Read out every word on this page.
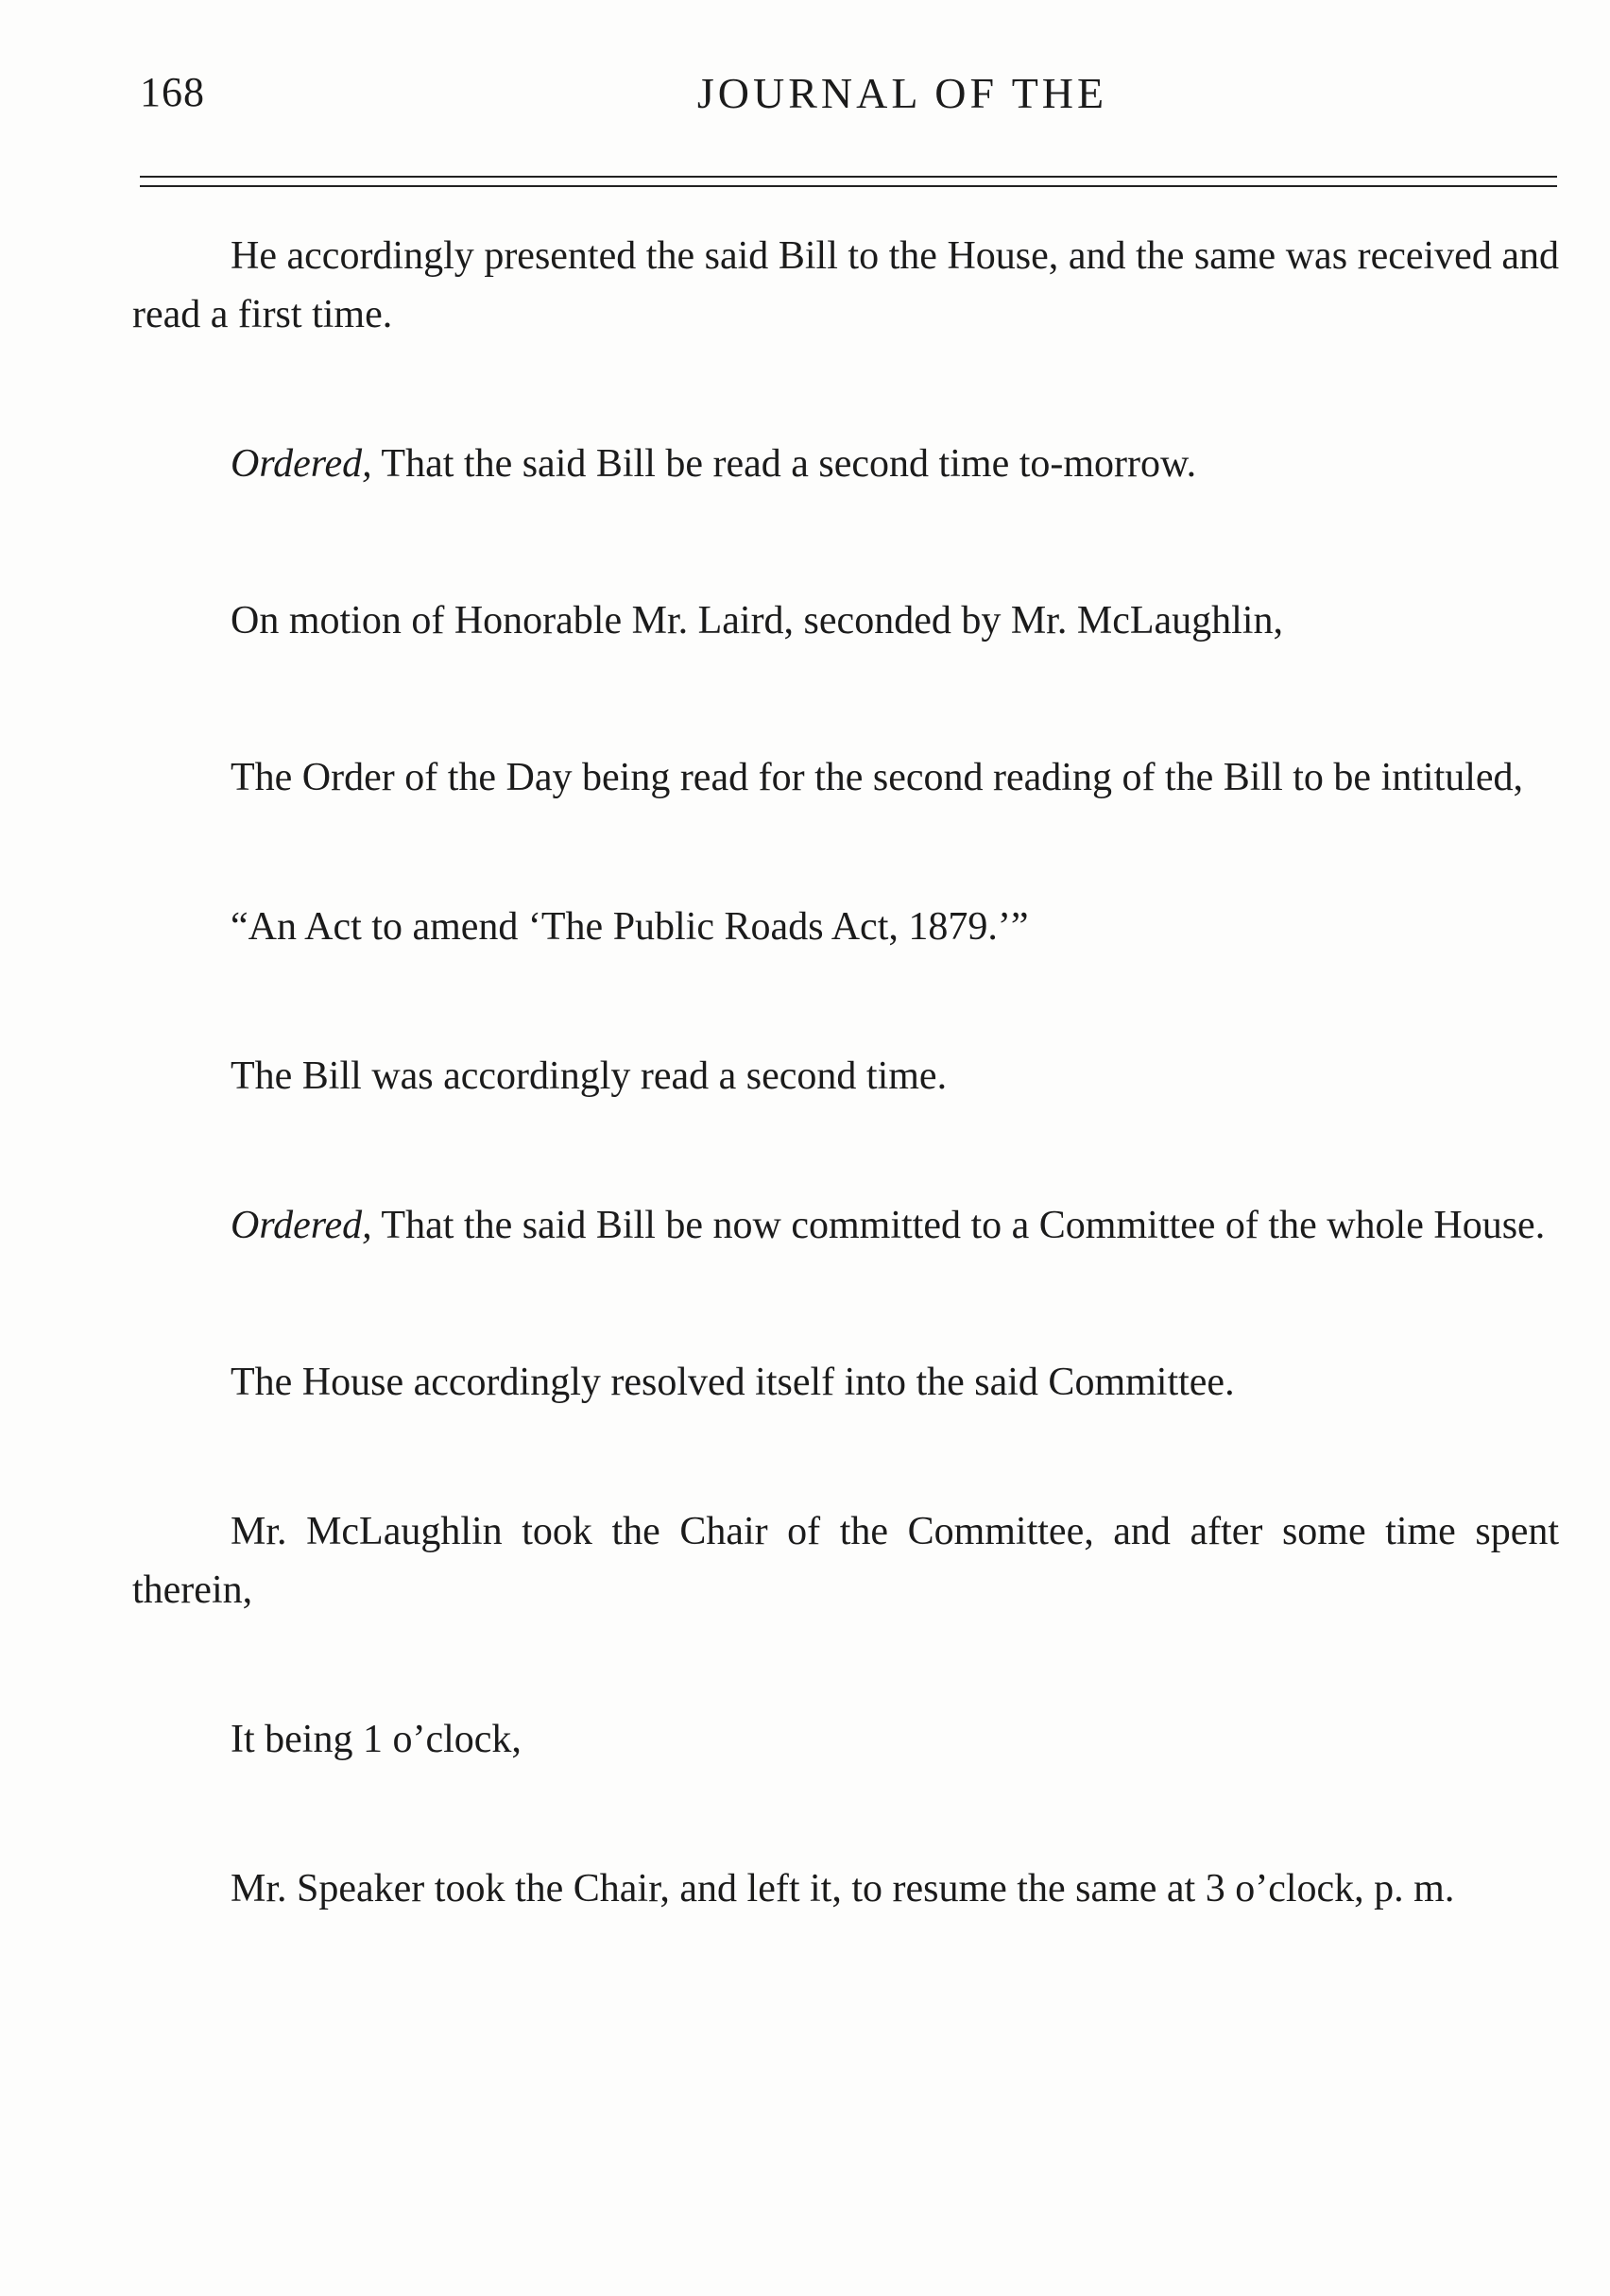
168	JOURNAL OF THE

He accordingly presented the said Bill to the House, and the same was received and read a first time.

Ordered, That the said Bill be read a second time to-morrow.

On motion of Honorable Mr. Laird, seconded by Mr. McLaughlin,

The Order of the Day being read for the second reading of the Bill to be intituled,

“An Act to amend ‘The Public Roads Act, 1879.’”

The Bill was accordingly read a second time.

Ordered, That the said Bill be now committed to a Committee of the whole House.

The House accordingly resolved itself into the said Committee.

Mr. McLaughlin took the Chair of the Committee, and after some time spent therein,

It being 1 o’clock,

Mr. Speaker took the Chair, and left it, to resume the same at 3 o’clock, p. m.
